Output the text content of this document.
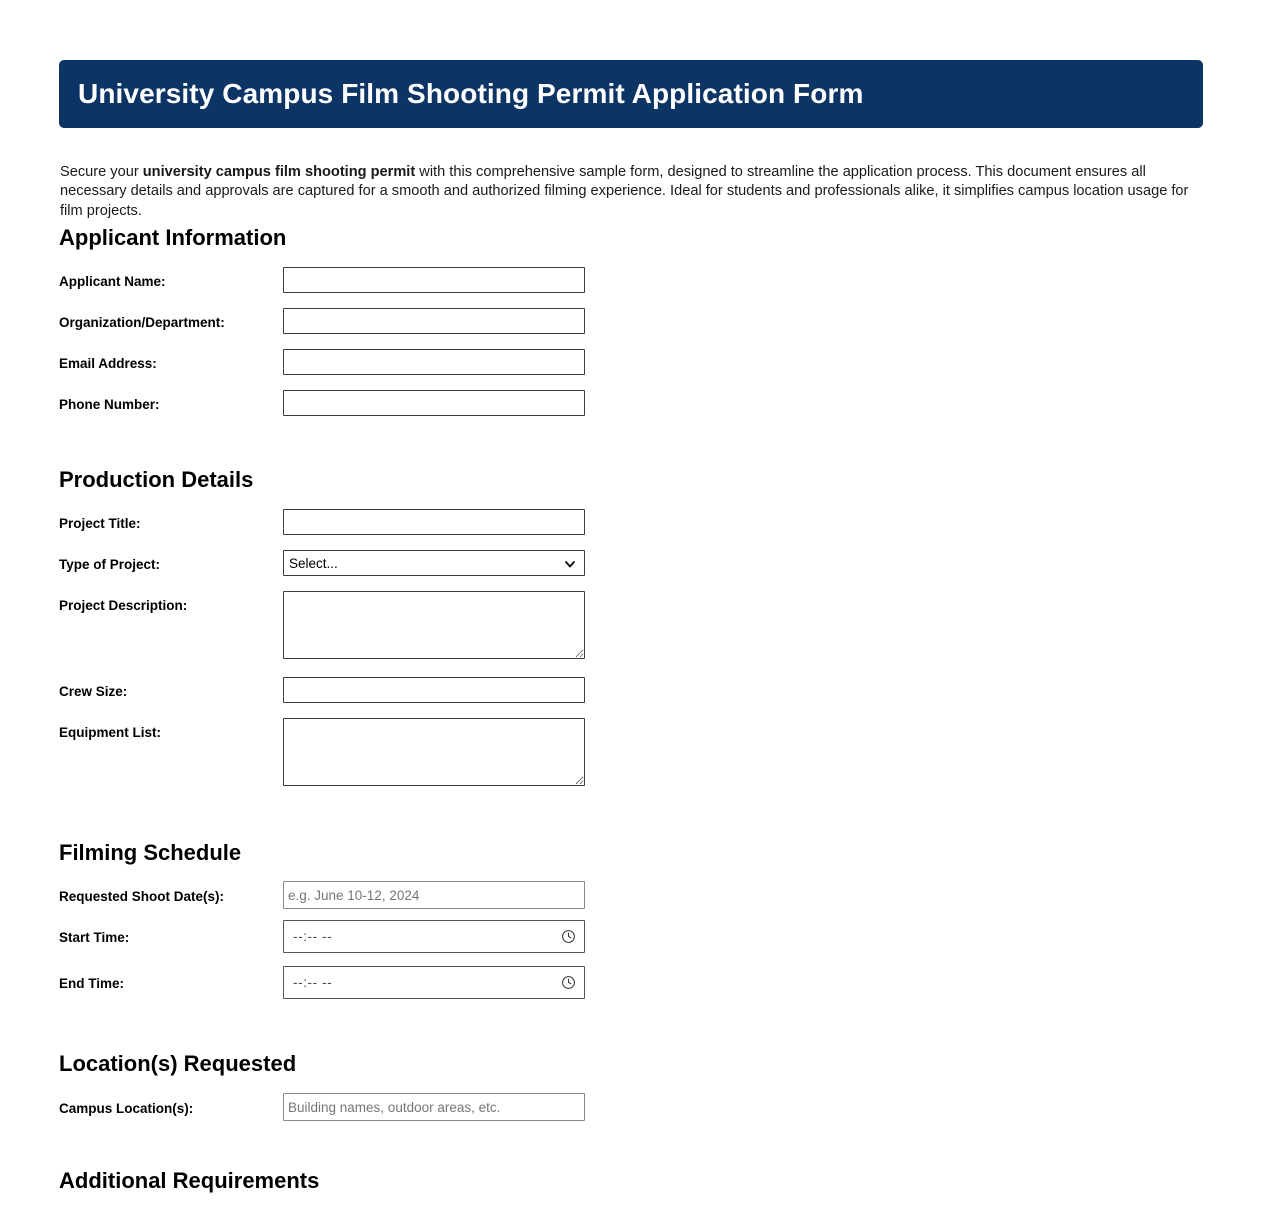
University Campus Film Shooting Permit Application Form

Secure your university campus film shooting permit with this comprehensive sample form, designed to streamline the application process. This document ensures all necessary details and approvals are captured for a smooth and authorized filming experience. Ideal for students and professionals alike, it simplifies campus location usage for film projects.

Applicant Information
Applicant Name:
Organization/Department:
Email Address:
Phone Number:
Production Details
Project Title:
Type of Project:
Select...
Project Description:
Crew Size:
Equipment List:
Filming Schedule
Requested Shoot Date(s):
e.g. June 10-12, 2024
Start Time:	--:-- --
End Time:	--:-- --
Location(s) Requested
Campus Location(s):
Building names, outdoor areas, etc.
Additional Requirements
